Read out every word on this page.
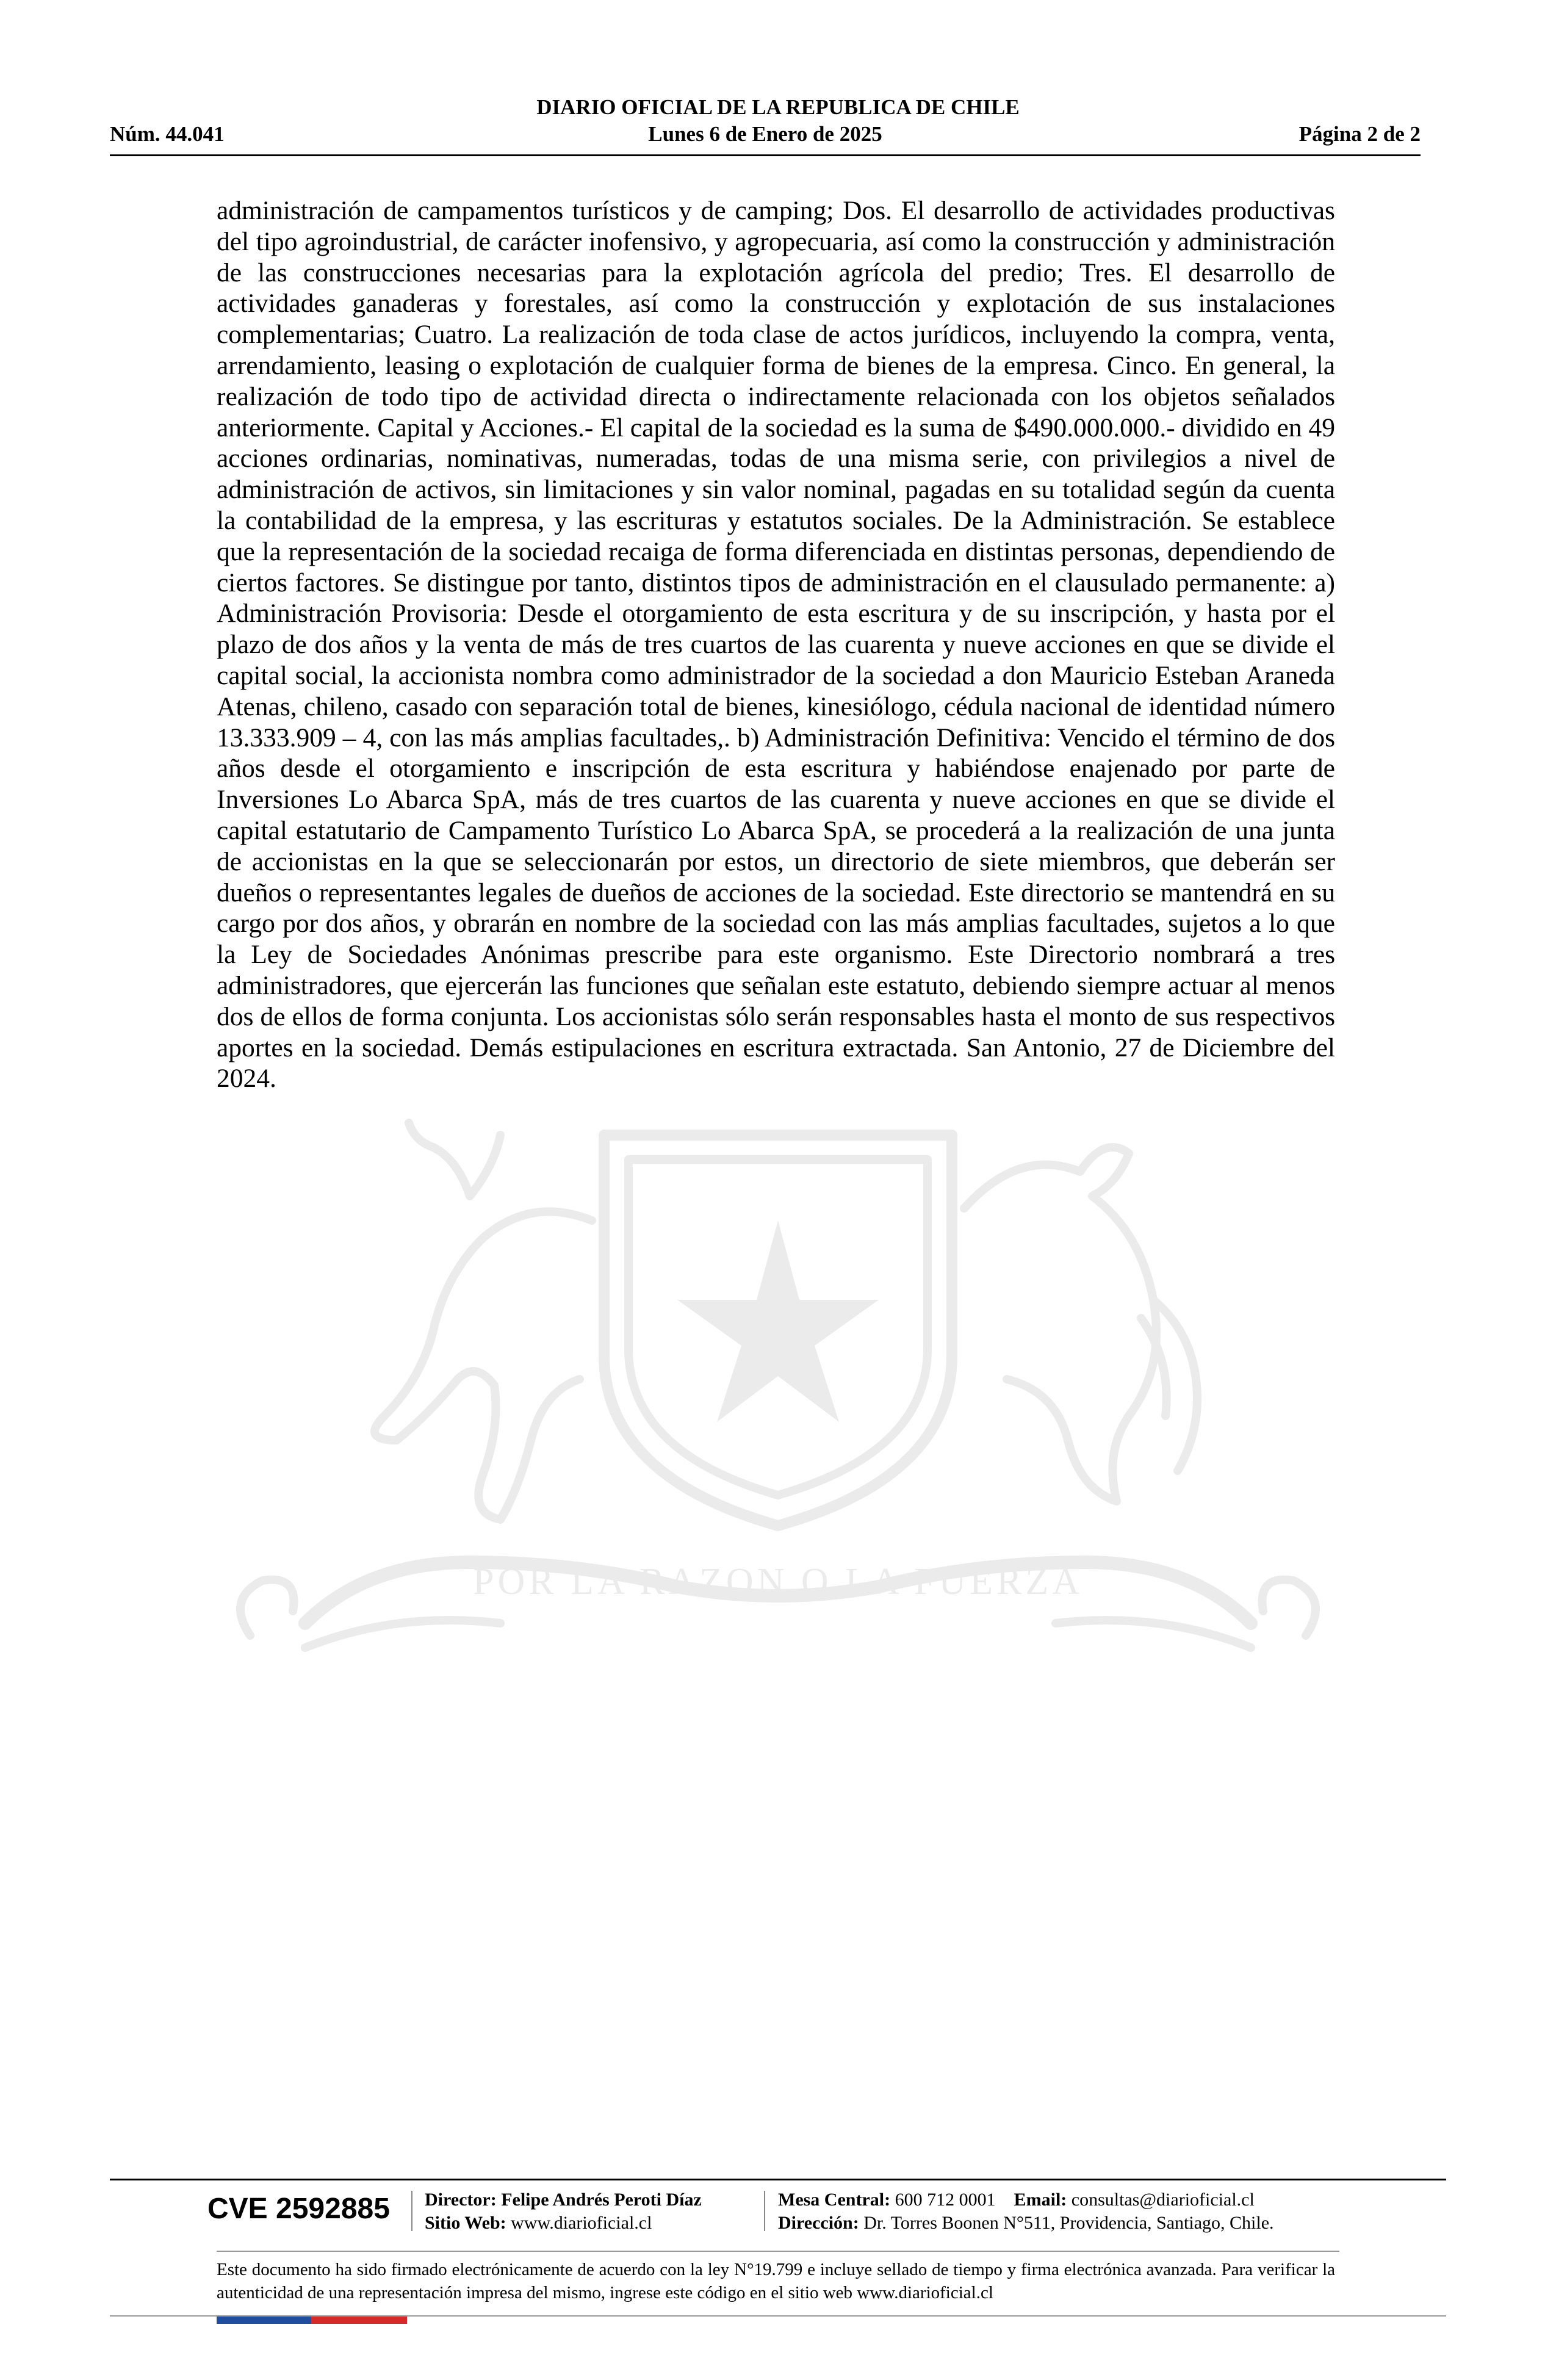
DIARIO OFICIAL DE LA REPUBLICA DE CHILE
Núm. 44.041	Lunes 6 de Enero de 2025	Página 2 de 2
POR LA RAZON O LA FUERZA

administración de campamentos turísticos y de camping; Dos. El desarrollo de actividades productivas del tipo agroindustrial, de carácter inofensivo, y agropecuaria, así como la construcción y administración de las construcciones necesarias para la explotación agrícola del predio; Tres. El desarrollo de actividades ganaderas y forestales, así como la construcción y explotación de sus instalaciones complementarias; Cuatro. La realización de toda clase de actos jurídicos, incluyendo la compra, venta, arrendamiento, leasing o explotación de cualquier forma de bienes de la empresa. Cinco. En general, la realización de todo tipo de actividad directa o indirectamente relacionada con los objetos señalados anteriormente. Capital y Acciones.- El capital de la sociedad es la suma de $490.000.000.- dividido en 49 acciones ordinarias, nominativas, numeradas, todas de una misma serie, con privilegios a nivel de administración de activos, sin limitaciones y sin valor nominal, pagadas en su totalidad según da cuenta la contabilidad de la empresa, y las escrituras y estatutos sociales. De la Administración. Se establece que la representación de la sociedad recaiga de forma diferenciada en distintas personas, dependiendo de ciertos factores. Se distingue por tanto, distintos tipos de administración en el clausulado permanente: a) Administración Provisoria: Desde el otorgamiento de esta escritura y de su inscripción, y hasta por el plazo de dos años y la venta de más de tres cuartos de las cuarenta y nueve acciones en que se divide el capital social, la accionista nombra como administrador de la sociedad a don Mauricio Esteban Araneda Atenas, chileno, casado con separación total de bienes, kinesiólogo, cédula nacional de identidad número 13.333.909 – 4, con las más amplias facultades,. b) Administración Definitiva: Vencido el término de dos años desde el otorgamiento e inscripción de esta escritura y habiéndose enajenado por parte de Inversiones Lo Abarca SpA, más de tres cuartos de las cuarenta y nueve acciones en que se divide el capital estatutario de Campamento Turístico Lo Abarca SpA, se procederá a la realización de una junta de accionistas en la que se seleccionarán por estos, un directorio de siete miembros, que deberán ser dueños o representantes legales de dueños de acciones de la sociedad. Este directorio se mantendrá en su cargo por dos años, y obrarán en nombre de la sociedad con las más amplias facultades, sujetos a lo que la Ley de Sociedades Anónimas prescribe para este organismo. Este Directorio nombrará a tres administradores, que ejercerán las funciones que señalan este estatuto, debiendo siempre actuar al menos dos de ellos de forma conjunta. Los accionistas sólo serán responsables hasta el monto de sus respectivos aportes en la sociedad. Demás estipulaciones en escritura extractada. San Antonio, 27 de Diciembre del 2024.

CVE 2592885 Director: Felipe Andrés Peroti Díaz
Sitio Web: www.diarioficial.cl
Mesa Central: 600 712 0001 Email: consultas@diarioficial.cl
Dirección: Dr. Torres Boonen N°511, Providencia, Santiago, Chile.
Este documento ha sido firmado electrónicamente de acuerdo con la ley N°19.799 e incluye sellado de tiempo y firma electrónica avanzada. Para verificar la autenticidad de una representación impresa del mismo, ingrese este código en el sitio web www.diarioficial.cl
